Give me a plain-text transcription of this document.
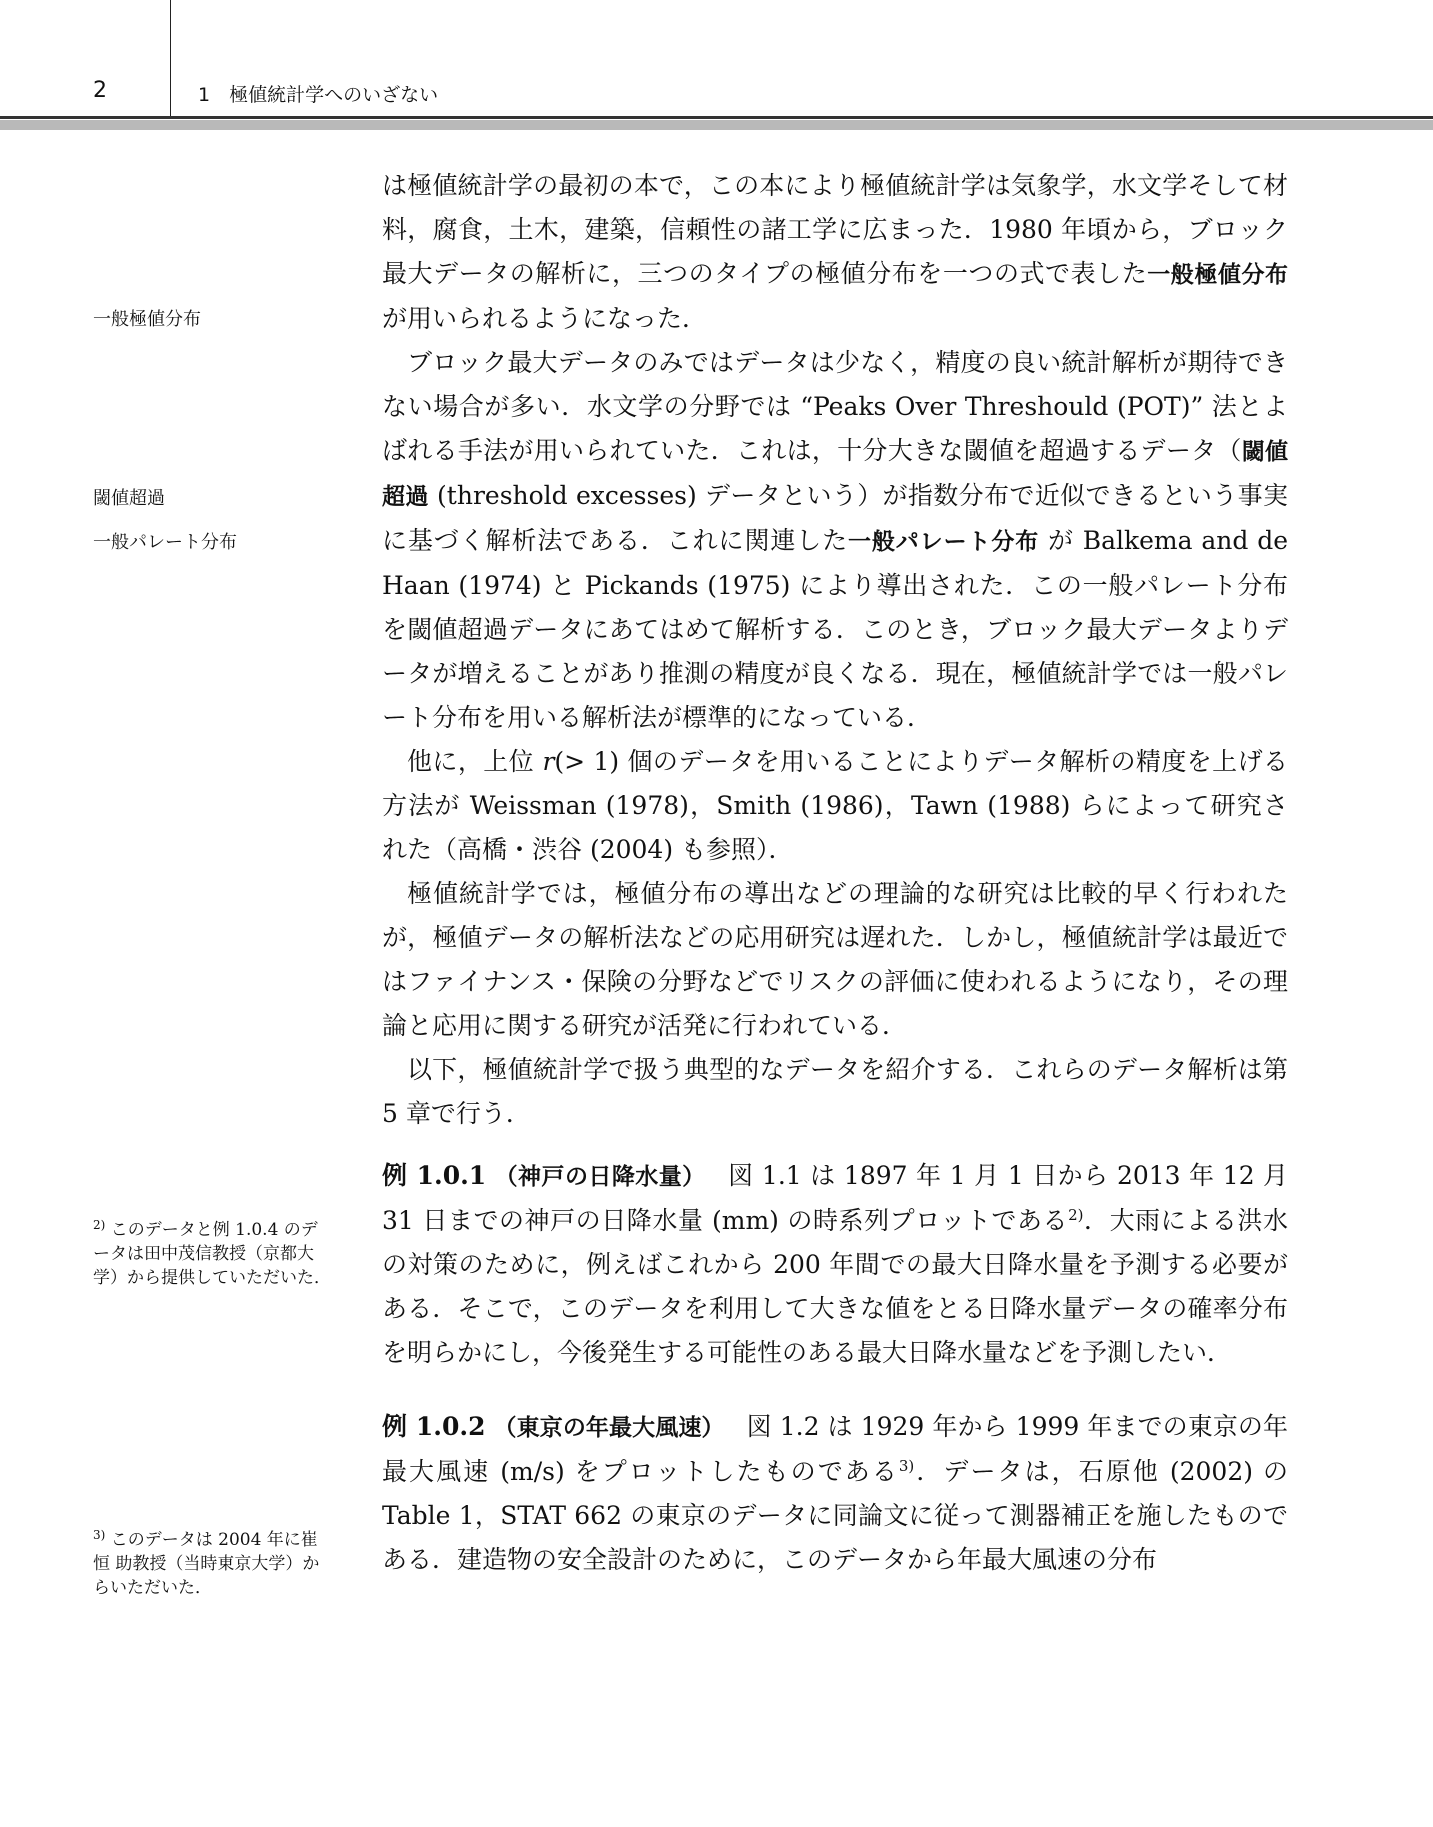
2	1　極値統計学へのいざない
一般極値分布
閾値超過
一般パレート分布
$^{2)}$ このデータと例 1.0.4 のデータは田中茂信教授（京都大学）から提供していただいた．
$^{3)}$ このデータは 2004 年に崔恒 助教授（当時東京大学）からいただいた．

は極値統計学の最初の本で，この本により極値統計学は気象学，水文学そして材料，腐食，土木，建築，信頼性の諸工学に広まった．1980 年頃から，ブロック最大データの解析に，三つのタイプの極値分布を一つの式で表した一般極値分布が用いられるようになった．

ブロック最大データのみではデータは少なく，精度の良い統計解析が期待できない場合が多い．水文学の分野では “Peaks Over Threshould (POT)” 法とよばれる手法が用いられていた．これは，十分大きな閾値を超過するデータ（閾値超過 (threshold excesses) データという）が指数分布で近似できるという事実に基づく解析法である．これに関連した一般パレート分布 が Balkema and de Haan (1974) と Pickands (1975) により導出された．この一般パレート分布を閾値超過データにあてはめて解析する．このとき，ブロック最大データよりデータが増えることがあり推測の精度が良くなる．現在，極値統計学では一般パレート分布を用いる解析法が標準的になっている．

他に，上位 r(> 1) 個のデータを用いることによりデータ解析の精度を上げる方法が Weissman (1978)，Smith (1986)，Tawn (1988) らによって研究された（高橋・渋谷 (2004) も参照）．

極値統計学では，極値分布の導出などの理論的な研究は比較的早く行われたが，極値データの解析法などの応用研究は遅れた．しかし，極値統計学は最近ではファイナンス・保険の分野などでリスクの評価に使われるようになり，その理論と応用に関する研究が活発に行われている．

以下，極値統計学で扱う典型的なデータを紹介する．これらのデータ解析は第 5 章で行う．

例 1.0.1 （神戸の日降水量） 図 1.1 は 1897 年 1 月 1 日から 2013 年 12 月 31 日までの神戸の日降水量 (mm) の時系列プロットである$^{2)}$．大雨による洪水の対策のために，例えばこれから 200 年間での最大日降水量を予測する必要がある．そこで，このデータを利用して大きな値をとる日降水量データの確率分布を明らかにし，今後発生する可能性のある最大日降水量などを予測したい．

例 1.0.2 （東京の年最大風速） 図 1.2 は 1929 年から 1999 年までの東京の年最大風速 (m/s) をプロットしたものである$^{3)}$．データは，石原他 (2002) の Table 1，STAT 662 の東京のデータに同論文に従って測器補正を施したものである．建造物の安全設計のために，このデータから年最大風速の分布
